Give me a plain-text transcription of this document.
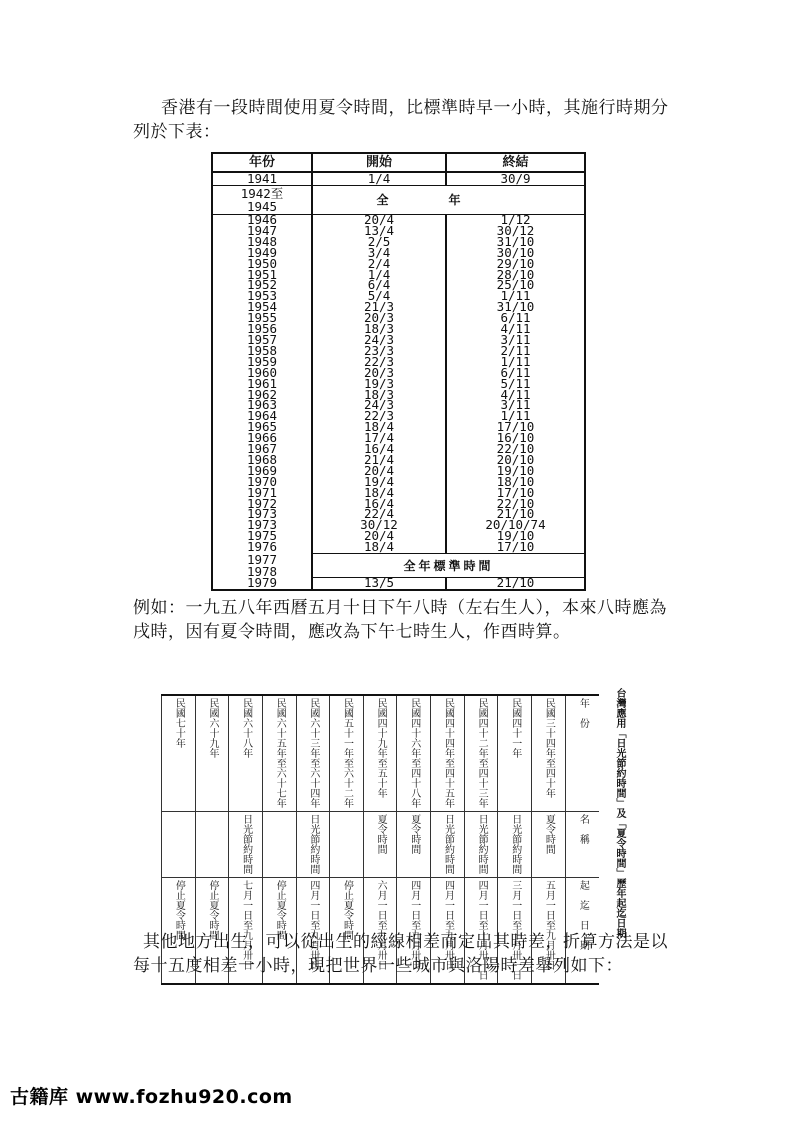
香港有一段時間使用夏令時間，比標準時早一小時，其施行時期分列於下表：

年份	開始	終結
1941	1/4	30/9

1942至
1945	全年	
1946	20/4	1/12
1947	13/4	30/12
1948	2/5	31/10
1949	3/4	30/10
1950	2/4	29/10
1951	1/4	28/10
1952	6/4	25/10
1953	5/4	1/11
1954	21/3	31/10
1955	20/3	6/11
1956	18/3	4/11
1957	24/3	3/11
1958	23/3	2/11
1959	22/3	1/11
1960	20/3	6/11
1961	19/3	5/11
1962	18/3	4/11
1963	24/3	3/11
1964	22/3	1/11
1965	18/4	17/10
1966	17/4	16/10
1967	16/4	22/10
1968	21/4	20/10
1969	20/4	19/10
1970	19/4	18/10
1971	18/4	17/10
1972	16/4	22/10
1973	22/4	21/10
1973	30/12	20/10/74
1975	20/4	19/10
1976	18/4	17/10

1977
1978	全年標準時間	
1979	13/5	21/10

例如：一九五八年西曆五月十日下午八時（左右生人），本來八時應為戌時，因有夏令時間，應改為下午七時生人，作酉時算。

民國七十年	民國六十九年	民國六十八年	民國六十五年至六十七年	民國六十三年至六十四年	民國五十一年至六十二年	民國四十九年至五十年	民國四十六年至四十八年	民國四十四年至四十五年	民國四十二年至四十三年	民國四十一年	民國三十四年至四十年	年份
		日光節約時間		日光節約時間		夏令時間	夏令時間	日光節約時間	日光節約時間	日光節約時間	夏令時間	名稱
停止夏令時間	停止夏令時間	七月一日至九月卅日	停止夏令時間	四月一日至九月卅日	停止夏令時間	六月一日至九月卅日	四月一日至九月卅日	四月一日至九月卅日	四月一日至十月卅一日	三月一日至十月卅一日	五月一日至九月卅日	起迄日期	台灣應用「日光節約時間」及「夏令時間」歷年起迄日期

其他地方出生，可以從出生的經線相差而定出其時差，折算方法是以每十五度相差一小時，現把世界一些城市與洛陽時差舉列如下：

古籍库 www.fozhu920.com
